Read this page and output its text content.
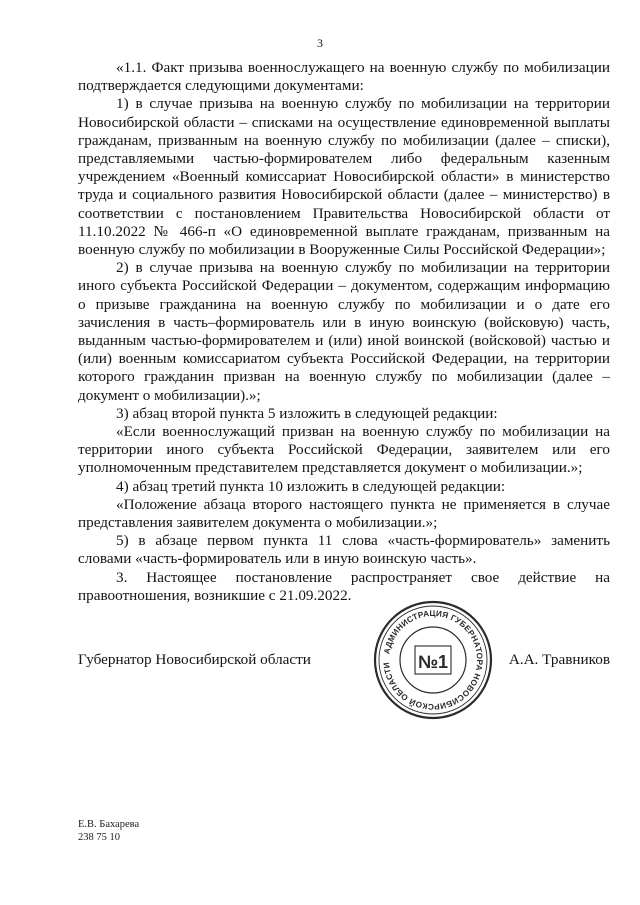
3

«1.1. Факт призыва военнослужащего на военную службу по мобилизации подтверждается следующими документами:

1) в случае призыва на военную службу по мобилизации на территории Новосибирской области – списками на осуществление единовременной выплаты гражданам, призванным на военную службу по мобилизации (далее – списки), представляемыми частью-формирователем либо федеральным казенным учреждением «Военный комиссариат Новосибирской области» в министерство труда и социального развития Новосибирской области (далее – министерство) в соответствии с постановлением Правительства Новосибирской области от 11.10.2022 № 466-п «О единовременной выплате гражданам, призванным на военную службу по мобилизации в Вооруженные Силы Российской Федерации»;

2) в случае призыва на военную службу по мобилизации на территории иного субъекта Российской Федерации – документом, содержащим информацию о призыве гражданина на военную службу по мобилизации и о дате его зачисления в часть–формирователь или в иную воинскую (войсковую) часть, выданным частью-формирователем и (или) иной воинской (войсковой) частью и (или) военным комиссариатом субъекта Российской Федерации, на территории которого гражданин призван на военную службу по мобилизации (далее – документ о мобилизации).»;

3) абзац второй пункта 5 изложить в следующей редакции:

«Если военнослужащий призван на военную службу по мобилизации на территории иного субъекта Российской Федерации, заявителем или его уполномоченным представителем представляется документ о мобилизации.»;

4) абзац третий пункта 10 изложить в следующей редакции:

«Положение абзаца второго настоящего пункта не применяется в случае представления заявителем документа о мобилизации.»;

5) в абзаце первом пункта 11 слова «часть-формирователь» заменить словами «часть-формирователь или в иную воинскую часть».

3. Настоящее постановление распространяет свое действие на правоотношения, возникшие с 21.09.2022.

Губернатор Новосибирской области	А.А. Травников
АДМИНИСТРАЦИЯ ГУБЕРНАТОРА НОВОСИБИРСКОЙ ОБЛАСТИ	№1
Е.В. Бахарева
238 75 10
